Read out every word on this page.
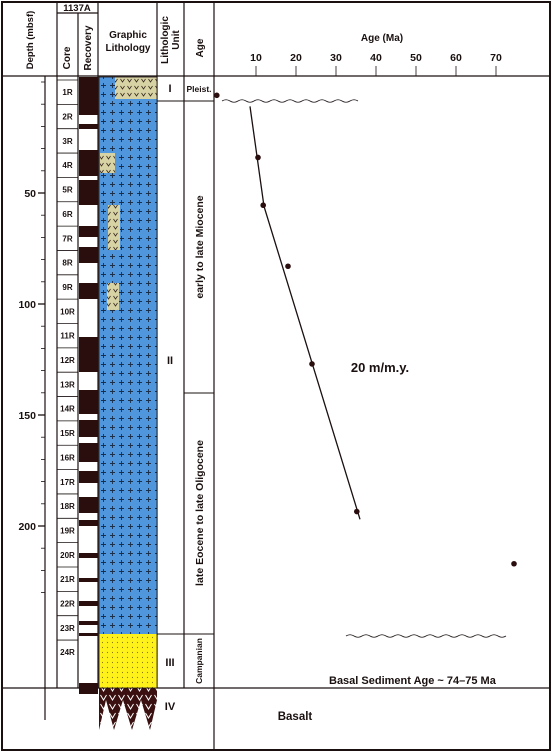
Depth (mbsf)
1137A
Core Recovery Graphic
Lithology Lithologic Unit Age
Age (Ma)
10	20	30	40	50	60	70
50
100
150
200
1R
2R
3R
4R
5R
6R
7R
8R
9R
10R
11R
12R
13R
14R
15R
16R
17R
18R
19R
20R
21R
22R
23R
24R
I
II
III
IV
Pleist.
early to late Miocene
late Eocene to late Oligocene
Campanian
20 m/m.y.
Basal Sediment Age ~ 74–75 Ma
Basalt
